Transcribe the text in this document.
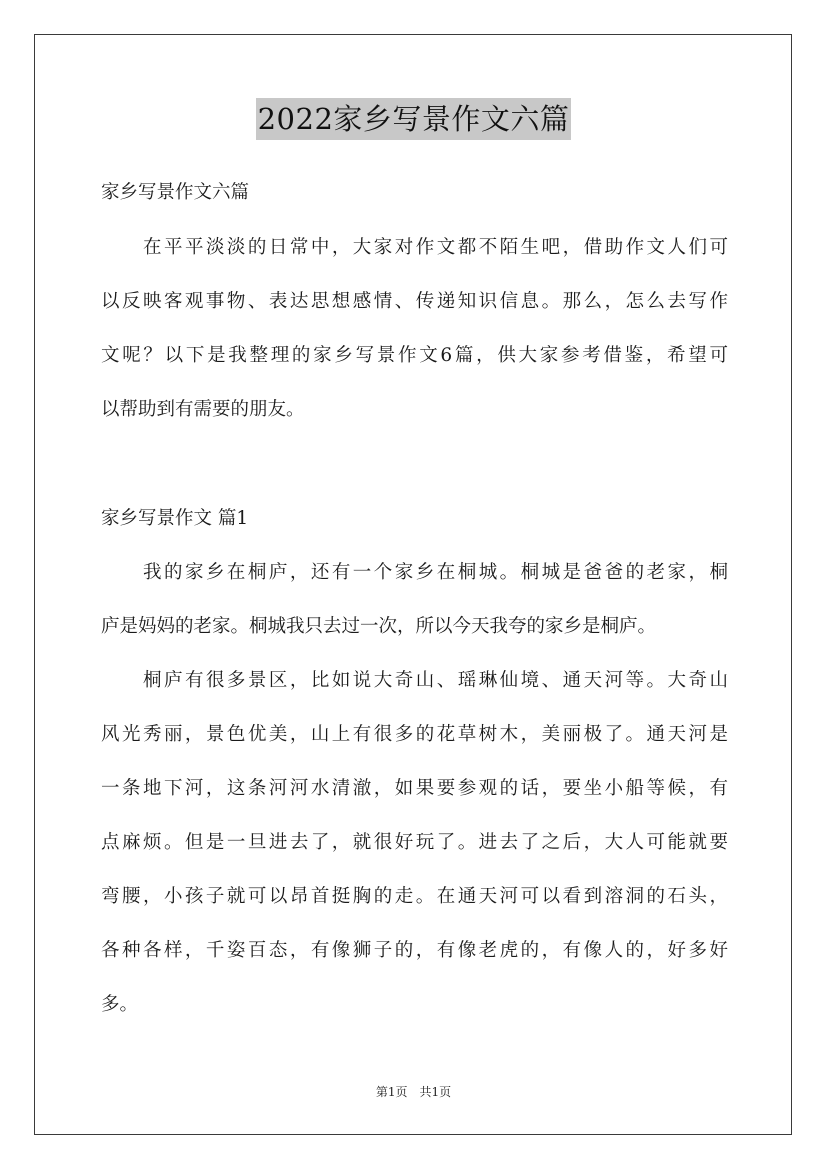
2022家乡写景作文六篇

家乡写景作文六篇

在平平淡淡的日常中，大家对作文都不陌生吧，借助作文人们可

以反映客观事物、表达思想感情、传递知识信息。那么，怎么去写作

文呢？以下是我整理的家乡写景作文6篇，供大家参考借鉴，希望可

以帮助到有需要的朋友。

家乡写景作文 篇1

我的家乡在桐庐，还有一个家乡在桐城。桐城是爸爸的老家，桐

庐是妈妈的老家。桐城我只去过一次，所以今天我夸的家乡是桐庐。

桐庐有很多景区，比如说大奇山、瑶琳仙境、通天河等。大奇山

风光秀丽，景色优美，山上有很多的花草树木，美丽极了。通天河是

一条地下河，这条河河水清澈，如果要参观的话，要坐小船等候，有

点麻烦。但是一旦进去了，就很好玩了。进去了之后，大人可能就要

弯腰，小孩子就可以昂首挺胸的走。在通天河可以看到溶洞的石头，

各种各样，千姿百态，有像狮子的，有像老虎的，有像人的，好多好

多。

第1页　共1页
